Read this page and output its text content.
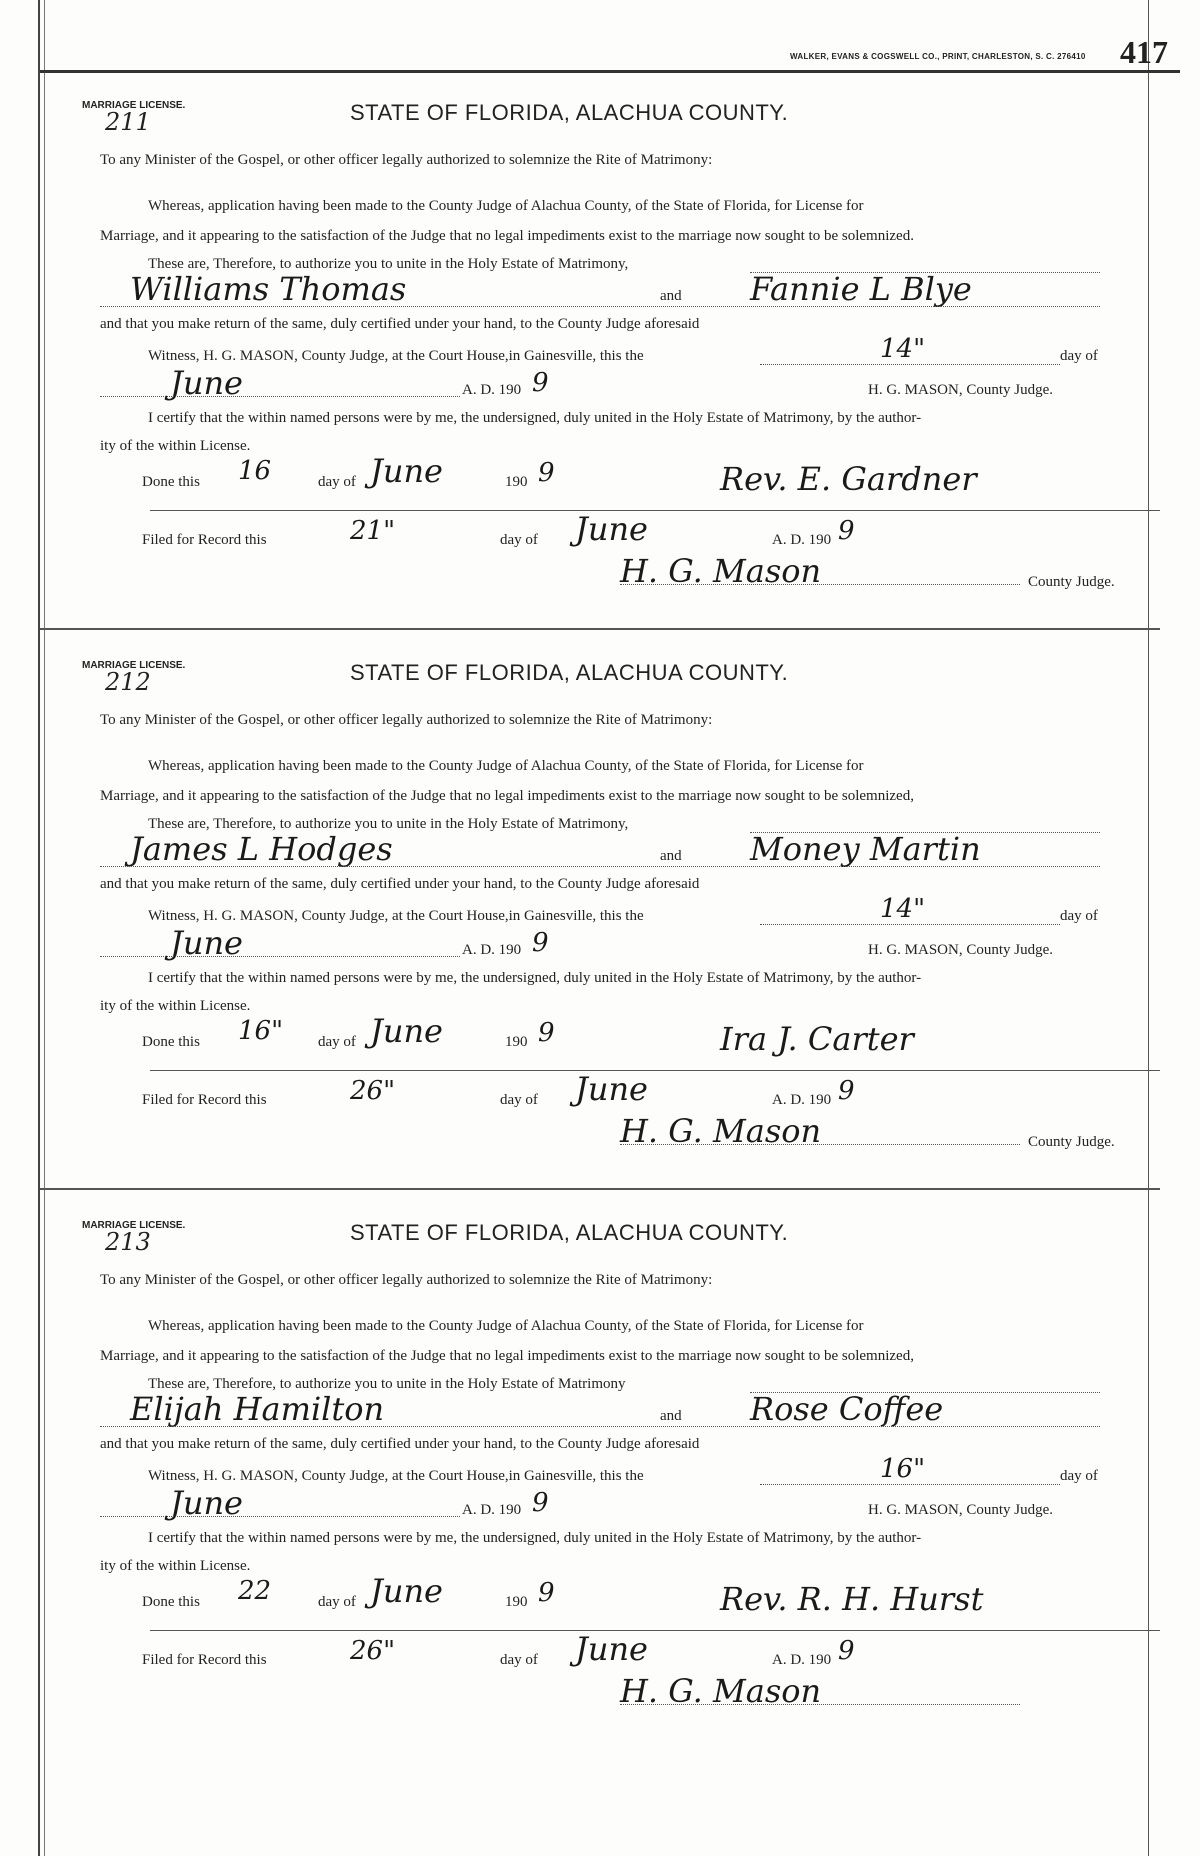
WALKER, EVANS & COGSWELL CO., PRINT, CHARLESTON, S. C. 276410 417
MARRIAGE LICENSE.
211	STATE OF FLORIDA, ALACHUA COUNTY.
To any Minister of the Gospel, or other officer legally authorized to solemnize the Rite of Matrimony:
Whereas, application having been made to the County Judge of Alachua County, of the State of Florida, for License for
Marriage, and it appearing to the satisfaction of the Judge that no legal impediments exist to the marriage now sought to be solemnized.
These are, Therefore, to authorize you to unite in the Holy Estate of Matrimony,
Williams Thomas	and Fannie L Blye
and that you make return of the same, duly certified under your hand, to the County Judge aforesaid
Witness, H. G. MASON, County Judge, at the Court House,in Gainesville, this the	14"	day of
June	A. D. 190 9	H. G. MASON, County Judge.
I certify that the within named persons were by me, the undersigned, duly united in the Holy Estate of Matrimony, by the author-
ity of the within License.
Done this 16	day of June	190 9	Rev. E. Gardner
Filed for Record this	21"	day of June	A. D. 190 9
H. G. Mason	County Judge.
MARRIAGE LICENSE.
212	STATE OF FLORIDA, ALACHUA COUNTY.
To any Minister of the Gospel, or other officer legally authorized to solemnize the Rite of Matrimony:
Whereas, application having been made to the County Judge of Alachua County, of the State of Florida, for License for
Marriage, and it appearing to the satisfaction of the Judge that no legal impediments exist to the marriage now sought to be solemnized,
These are, Therefore, to authorize you to unite in the Holy Estate of Matrimony,
James L Hodges	and Money Martin
and that you make return of the same, duly certified under your hand, to the County Judge aforesaid
Witness, H. G. MASON, County Judge, at the Court House,in Gainesville, this the	14"	day of
June	A. D. 190 9	H. G. MASON, County Judge.
I certify that the within named persons were by me, the undersigned, duly united in the Holy Estate of Matrimony, by the author-
ity of the within License.
Done this 16" day of June	190 9	Ira J. Carter
Filed for Record this	26"	day of June	A. D. 190 9
H. G. Mason	County Judge.
MARRIAGE LICENSE.
213	STATE OF FLORIDA, ALACHUA COUNTY.
To any Minister of the Gospel, or other officer legally authorized to solemnize the Rite of Matrimony:
Whereas, application having been made to the County Judge of Alachua County, of the State of Florida, for License for
Marriage, and it appearing to the satisfaction of the Judge that no legal impediments exist to the marriage now sought to be solemnized,
These are, Therefore, to authorize you to unite in the Holy Estate of Matrimony
Elijah Hamilton	and Rose Coffee
and that you make return of the same, duly certified under your hand, to the County Judge aforesaid
Witness, H. G. MASON, County Judge, at the Court House,in Gainesville, this the	16"	day of
June	A. D. 190 9	H. G. MASON, County Judge.
I certify that the within named persons were by me, the undersigned, duly united in the Holy Estate of Matrimony, by the author-
ity of the within License.
Done this 22	day of June	190 9	Rev. R. H. Hurst
Filed for Record this	26"	day of June	A. D. 190 9
H. G. Mason
